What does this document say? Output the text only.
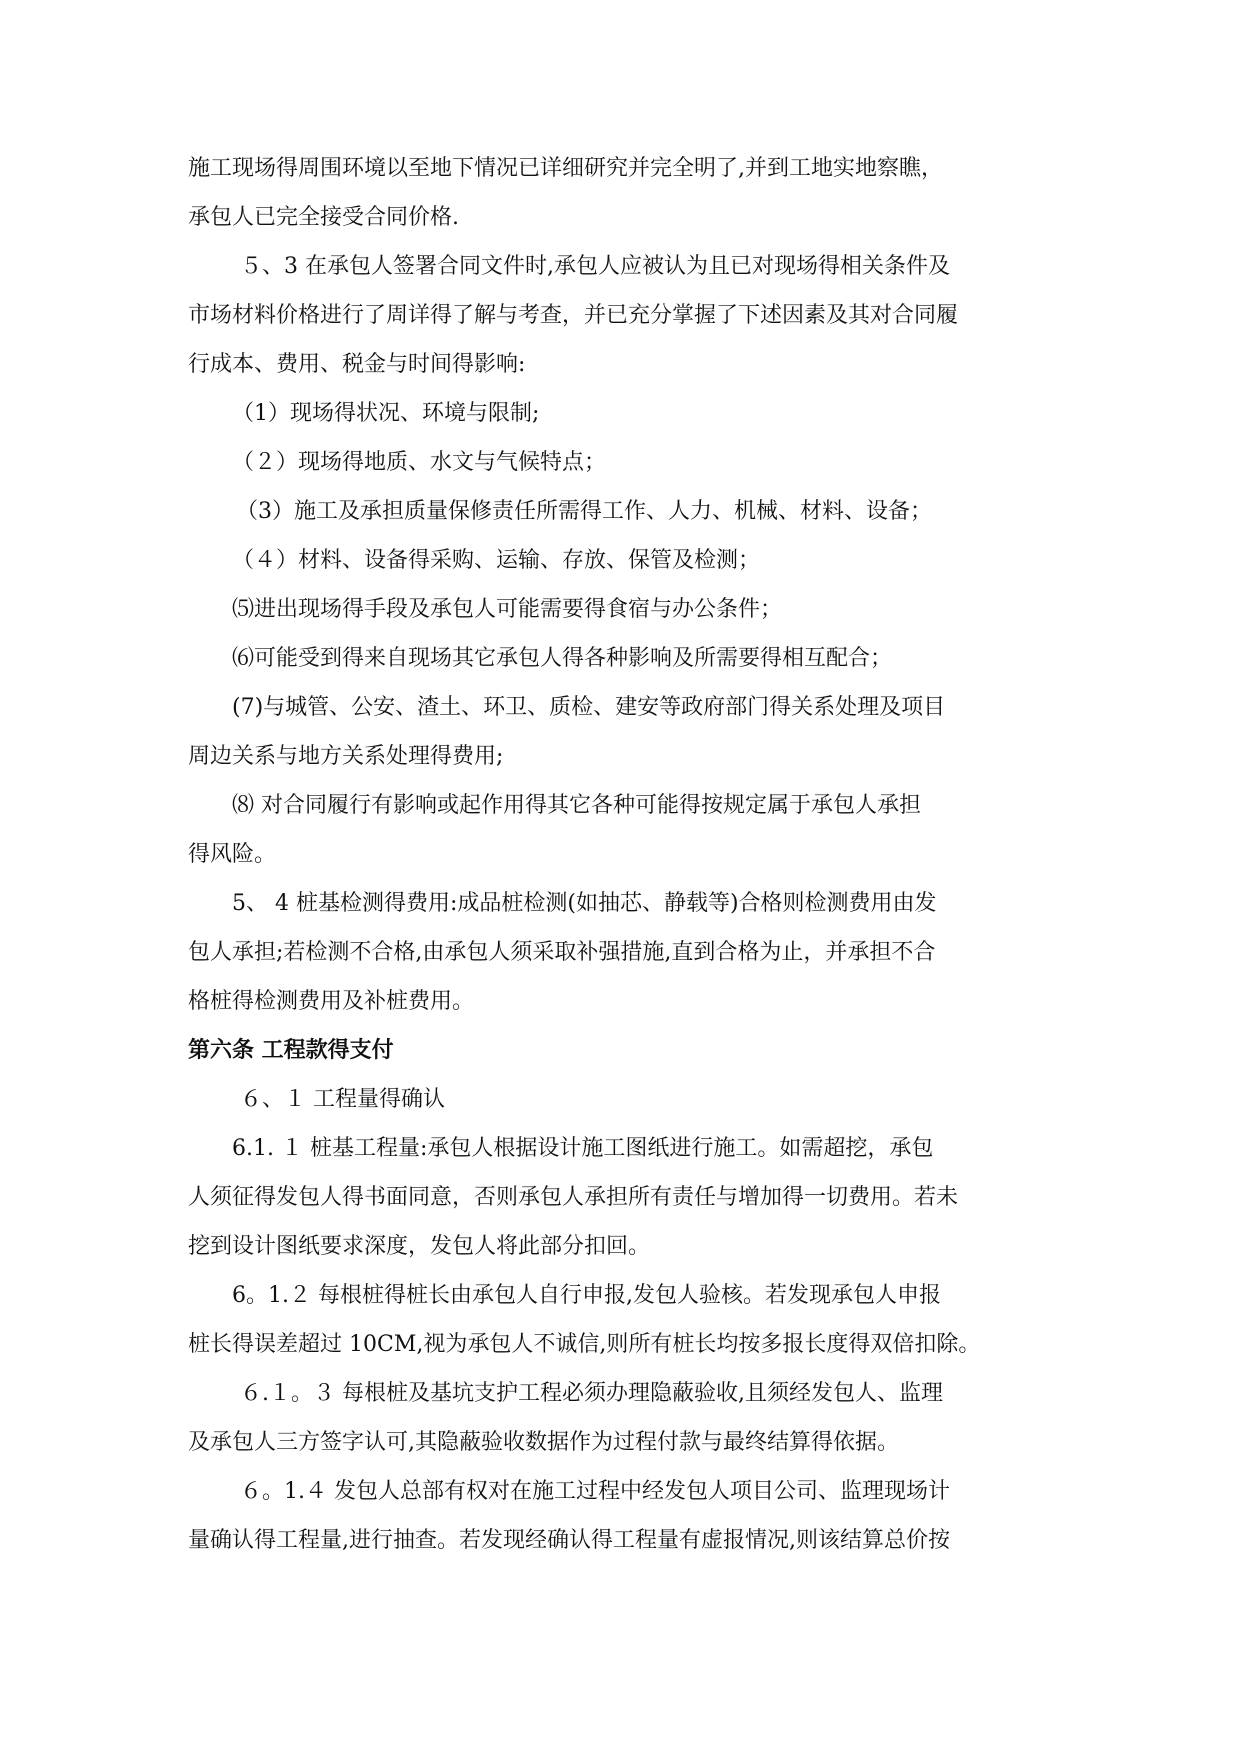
施工现场得周围环境以至地下情况已详细研究并完全明了,并到工地实地察瞧，
承包人已完全接受合同价格.
５、3 在承包人签署合同文件时,承包人应被认为且已对现场得相关条件及
市场材料价格进行了周详得了解与考查，并已充分掌握了下述因素及其对合同履
行成本、费用、税金与时间得影响:
（1）现场得状况、环境与限制;
（２）现场得地质、水文与气候特点；
（3）施工及承担质量保修责任所需得工作、人力、机械、材料、设备；
（４）材料、设备得采购、运输、存放、保管及检测；
⑸进出现场得手段及承包人可能需要得食宿与办公条件；
⑹可能受到得来自现场其它承包人得各种影响及所需要得相互配合；
(7)与城管、公安、渣土、环卫、质检、建安等政府部门得关系处理及项目
周边关系与地方关系处理得费用;
⑻ 对合同履行有影响或起作用得其它各种可能得按规定属于承包人承担
得风险。
5、 4 桩基检测得费用:成品桩检测(如抽芯、静载等)合格则检测费用由发
包人承担;若检测不合格,由承包人须采取补强措施,直到合格为止，并承担不合
格桩得检测费用及补桩费用。
第六条 工程款得支付
６、１ 工程量得确认
6.1. １ 桩基工程量:承包人根据设计施工图纸进行施工。如需超挖，承包
人须征得发包人得书面同意，否则承包人承担所有责任与增加得一切费用。若未
挖到设计图纸要求深度，发包人将此部分扣回。
6。1.２ 每根桩得桩长由承包人自行申报,发包人验核。若发现承包人申报
桩长得误差超过 10CM,视为承包人不诚信,则所有桩长均按多报长度得双倍扣除。
６.１。３ 每根桩及基坑支护工程必须办理隐蔽验收,且须经发包人、监理
及承包人三方签字认可,其隐蔽验收数据作为过程付款与最终结算得依据。
６。1.４ 发包人总部有权对在施工过程中经发包人项目公司、监理现场计
量确认得工程量,进行抽查。若发现经确认得工程量有虚报情况,则该结算总价按
